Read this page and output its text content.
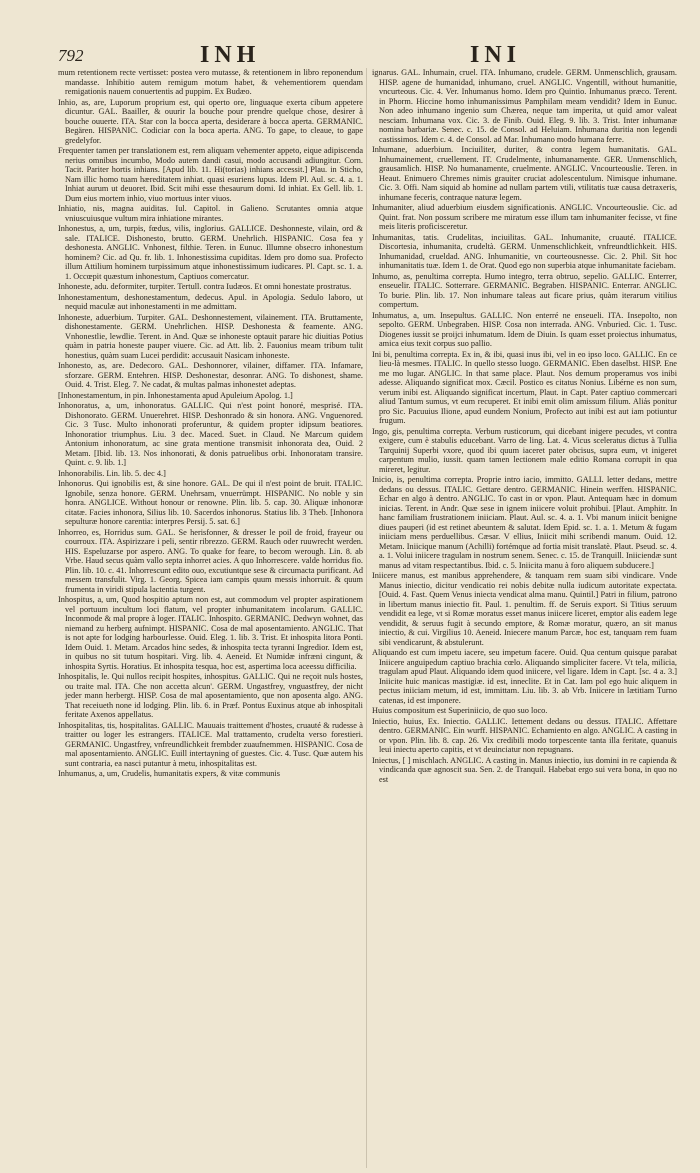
792	INH	INI

mum retentionem recte vertisset: postea vero mutasse, & retentionem in libro reponendum mandasse. Inhibitio autem remigum motum habet, & vehementiorem quendam remigationis nauem conuertentis ad puppim. Ex Budæo.

Inhio, as, are, Luporum proprium est, qui operto ore, linguaque exerta cibum appetere dicuntur. GAL. Baailler, & ouurir la bouche pour prendre quelque chose, desirer à bouche ouuerte. ITA. Star con la bocca aperta, desiderare à bocca aperta. GERMANIC. Begären. HISPANIC. Codiciar con la boca aperta. ANG. To gape, to cleaue, to gape gredelyfor.

Frequenter tamen per translationem est, rem aliquam vehementer appeto, eique adipiscenda nerius omnibus incumbo, Modo autem dandi casui, modo accusandi adiungitur. Corn. Tacit. Pariter hortis inhians. [Apud lib. 11. Hi(torias) inhians accessit.] Plau. in Sticho, Nam illic homo tuam hæreditatem inhiat. quasi esuriens lupus. Idem Pl. Aul. sc. 4. a. 1. Inhiat aurum ut deuoret. Ibid. Scit mihi esse thesaurum domi. Id inhiat. Ex Gell. lib. 1. Dum eius mortem inhio, viuo mortuus inter viuos.

Inhiatio, nis, magna auiditas. Iul. Capitol. in Galieno. Scrutantes omnia atque vniuscuiusque vultum mira inhiatione mirantes.

Inhonestus, a, um, turpis, fœdus, vilis, inglorius. GALLICE. Deshonneste, vilain, ord & sale. ITALICE. Dishonesto, brutto. GERM. Unehrlich. HISPANIC. Cosa fea y deshonesta. ANGLIC. Vnhonest, filthie. Teren. in Eunuc. Illumne obsecro inhonestum hominem? Cic. ad Qu. fr. lib. 1. Inhonestissima cupiditas. Idem pro domo sua. Profecto illum Attilium hominem turpissimum atque inhonestissimum iudicares. Pl. Capt. sc. 1. a. 1. Occœpit quæstum inhonestum, Captiuos comercatur.

Inhoneste, adu. deformiter, turpiter. Tertull. contra Iudæos. Et omni honestate prostratus.

Inhonestamentum, deshonestamentum, dedecus. Apul. in Apologia. Sedulo laboro, ut nequid maculæ aut inhonestamenti in me admittam.

Inhoneste, aduerbium. Turpiter. GAL. Deshonnestement, vilainement. ITA. Bruttamente, dishonestamente. GERM. Unehrlichen. HISP. Deshonesta & feamente. ANG. Vnhonestlie, lewdlie. Terent. in And. Quæ se inhoneste optauit parare hic diuitias Potius quàm in patria honeste pauper viuere. Cic. ad Att. lib. 2. Fauonius meam tribum tulit honestius, quàm suam Lucei perdidit: accusauit Nasicam inhoneste.

Inhonesto, as, are. Dedecoro. GAL. Deshonnorer, vilainer, diffamer. ITA. Infamare, sforzare. GERM. Entehren. HISP. Deshonestar, desonrar. ANG. To dishonest, shame. Ouid. 4. Trist. Eleg. 7. Ne cadat, & multas palmas inhonestet adeptas.

[Inhonestamentum, in pin. Inhonestamenta apud Apuleium Apolog. 1.]

Inhonoratus, a, um, inhonoratus. GALLIC. Qui n'est point honoré, mesprisé. ITA. Dishonorato. GERM. Unuerehret. HISP. Deshonrado & sin honora. ANG. Vnguenored. Cic. 3 Tusc. Multo inhonorati proferuntur, & quidem propter idipsum beatiores. Inhonoratior triumphus. Liu. 3 dec. Maced. Suet. in Claud. Ne Marcum quidem Antonium inhonoratum, ac sine grata mentione transmisit inhonorata dea, Ouid. 2 Metam. [Ibid. lib. 13. Nos inhonorati, & donis patruelibus orbi. Inhonoratam transire. Quint. c. 9. lib. 1.]

Inhonorabilis. Lin. lib. 5. dec 4.]

Inhonorus. Qui ignobilis est, & sine honore. GAL. De qui il n'est point de bruit. ITALIC. Ignobile, senza honore. GERM. Unehrsam, vnuerrümpt. HISPANIC. No noble y sin honra. ANGLICE. Without honour or renowne. Plin. lib. 5. cap. 30. Aliquæ inhonoræ citatæ. Facies inhonora, Silius lib. 10. Sacerdos inhonorus. Statius lib. 3 Theb. [Inhonora sepulturæ honore carentia: interpres Persij. 5. sat. 6.]

Inhorreo, es, Horridus sum. GAL. Se herisfonner, & dresser le poil de froid, frayeur ou courroux. ITA. Aspirizzare i peli, sentir ribrezzo. GERM. Rauch oder ruuwrecht werden. HIS. Espeluzarse por aspero. ANG. To quake for feare, to becom werough. Lin. 8. ab Vrbe. Haud secus quàm vallo septa inhorret acies. A quo Inhorrescere. valde horridus fio. Plin. lib. 10. c. 41. Inhorrescunt edito ouo, excutiuntque sese & circumacta purificant. Ad messem transfulit. Virg. 1. Georg. Spicea iam campis quum messis inhorruit. & quum frumenta in viridi stipula lactentia turgent.

Inhospitus, a, um, Quod hospitio aptum non est, aut commodum vel propter aspirationem vel portuum incultum loci flatum, vel propter inhumanitatem incolarum. GALLIC. Inconmode & mal propre à loger. ITALIC. Inhospito. GERMANIC. Dedwyn wohnet, das niemand zu herberg aufnimpt. HISPANIC. Cosa de mal aposentamiento. ANGLIC. That is not apte for lodging harbourlesse. Ouid. Eleg. 1. lib. 3. Trist. Et inhospita litora Ponti. Idem Ouid. 1. Metam. Arcados hinc sedes, & inhospita tecta tyranni Ingredior. Idem est, in quibus no sit tutum hospitari. Virg. lib. 4. Aeneid. Et Numidæ infræni cingunt, & inhospita Syrtis. Horatius. Et inhospita tesqua, hoc est, aspertima loca aceessu difficilia.

Inhospitalis, le. Qui nullos recipit hospites, inhospitus. GALLIC. Qui ne reçoit nuls hostes, ou traite mal. ITA. Che non accetta alcun'. GERM. Ungastfrey, vnguastfrey, der nicht jeder mann herbergt. HISP. Cosa de mal aposentamiento, que non aposenta algo. ANG. That receiueth none id lodging. Plin. lib. 6. in Præf. Pontus Euxinus atque ab inhospitali feritate Axenos appellatus.

Inhospitalitas, tis, hospitalitas. GALLIC. Mauuais traittement d'hostes, cruauté & rudesse à traitter ou loger les estrangers. ITALICE. Mal trattamento, crudelta verso forestieri. GERMANIC. Ungastfrey, vnfreundlichkeit frembder zuaufnemmen. HISPANIC. Cosa de mal aposentamiento. ANGLIC. Euill intertayning of guestes. Cic. 4. Tusc. Quæ autem his sunt contraria, ea nasci putantur à metu, inhospitalitas est.

Inhumanus, a, um, Crudelis, humanitatis expers, & vitæ communis

ignarus. GAL. Inhumain, cruel. ITA. Inhumano, crudele. GERM. Unmenschlich, grausam. HISP. agene de humanidad, inhumano, cruel. ANGLIC. Vngentill, without humanitie, vncurteous. Cic. 4. Ver. Inhumanus homo. Idem pro Quintio. Inhumanus præco. Terent. in Phorm. Hiccine homo inhumanissimus Pamphilam meam vendidit? Idem in Eunuc. Non adeo inhumano ingenio sum Chærea, neque tam imperita, ut quid amor valeat nesciam. Inhumana vox. Cic. 3. de Finib. Ouid. Eleg. 9. lib. 3. Trist. Inter inhumanæ nomina barbariæ. Senec. c. 15. de Consol. ad Heluiam. Inhumana duritia non legendi castissimos. Idem c. 4. de Consol. ad Mar. Inhumano modo humana ferre.

Inhumane, aduerbium. Inciuiliter, duriter, & contra legem humanitatis. GAL. Inhumainement, cruellement. IT. Crudelmente, inhumanamente. GER. Unmenschlich, grausamlich. HISP. No humanamente, cruelmente. ANGLIC. Vncourteouslie. Teren. in Heaut. Enimuero Chremes nimis grauiter cruciat adolescentulum. Nimisque inhumane. Cic. 3. Offi. Nam siquid ab homine ad nullam partem vtili, vtilitatis tuæ causa detraxeris, inhumane feceris, contraque naturæ legem.

Inhumaniter, aliud aduerbium eiusdem significationis. ANGLIC. Vncourteouslie. Cic. ad Quint. frat. Non possum scribere me miratum esse illum tam inhumaniter fecisse, vt fine meis literis proficisceretur.

Inhumanitas, tatis. Crudelitas, inciuilitas. GAL. Inhumanite, cruauté. ITALICE. Discortesia, inhumanita, crudeltà. GERM. Unmenschlichkeit, vnfreundtlichkeit. HIS. Inhumanidad, crueldad. ANG. Inhumanitie, vn courteousnesse. Cic. 2. Phil. Sit hoc inhumanitatis tuæ. Idem 1. de Orat. Quod ego non superbia atque inhumanitate faciebam.

Inhumo, as, penultima correpta. Humo integro, terra obtruo, sepelio. GALLIC. Enterrer, enseuelir. ITALIC. Sotterrare. GERMANIC. Begraben. HISPANIC. Enterrar. ANGLIC. To burie. Plin. lib. 17. Non inhumare taleas aut ficare prius, quàm iterarum vitilius compertum.

Inhumatus, a, um. Insepultus. GALLIC. Non enterré ne enseueli. ITA. Insepolto, non sepolto. GERM. Unbegraben. HISP. Cosa non interrada. ANG. Vnburied. Cic. 1. Tusc. Diogenes iussit se proijci inhumatum. Idem de Diuin. Is quam esset proiectus inhumatus, amica eius texit corpus suo pallio.

Ini bi, penultima correpta. Ex in, & ibi, quasi inus ibi, vel in eo ipso loco. GALLIC. En ce lieu-là mesmes. ITALIC. In quello stesso luogo. GERMANIC. Eben daselbst. HISP. Ene me mo lugar. ANGLIC. In that same place. Plaut. Nos demum properamus vos inibi adesse. Aliquando significat mox. Cæcil. Postico es citatus Nonius. Libérne es non sum, verum inibi est. Aliquando significat incertum, Plaut. in Capt. Pater captiuo commercari aliud Tantum sumus, vt eum recuperet. Et inibi emit olim amissum filium. Aliás ponitur pro Sic. Pacuuius Ilione, apud eundem Nonium, Profecto aut inibi est aut iam potiuntur frugum.

Ingo, gis, penultima correpta. Verbum rusticorum, qui dicebant inigere pecudes, vt contra exigere, cum è stabulis educebant. Varro de ling. Lat. 4. Vicus sceleratus dictus à Tullia Tarquinij Superbi vxore, quod ibi quum iaceret pater obcisus, supra eum, vt inigeret carpentum mulio, iussit. quam tamen lectionem male editio Romana corrupit in qua mireret, legitur.

Inicio, is, penultima correpta. Proprie intro iacio, immitto. GALLI. letter dedans, mettre dedans ou dessus. ITALIC. Gettare dentro. GERMANIC. Hinein werffen. HISPANIC. Echar en algo à dentro. ANGLIC. To cast in or vpon. Plaut. Antequam hæc in domum inicias. Terent. in Andr. Quæ sese in ignem iniicere voluit prohibui. [Plaut. Amphitr. In hanc familiam frustrationem iniiciam. Plaut. Aul. sc. 4. a. 1. Vbi manum iniicit benigne diues pauperi (id est retinet abeuntem & salutat. Idem Epid. sc. 1. a. 1. Metum & fugam iniiciam mens perduellibus. Cæsar. V ellius, Iniicit mihi scribendi manum. Ouid. 12. Metam. Iniicique manum (Achilli) fortémque ad fortia misit translatè. Plaut. Pseud. sc. 4. a. 1. Volui iniicere tragulam in nostrum senem. Senec. c. 15. de Tranquill. Iniiciendæ sunt manus ad vitam respectantibus. Ibid. c. 5. Iniicita manu à foro aliquem subducere.]

Iniicere manus, est manibus apprehendere, & tanquam rem suam sibi vindicare. Vnde Manus iniectio, dicitur vendicatio rei nobis debitæ nulla iudicum autoritate expectata. [Ouid. 4. Fast. Quem Venus iniecta vendicat alma manu. Quintil.] Patri in filium, patrono in libertum manus iniectio fit. Paul. 1. penultim. ff. de Seruis export. Si Titius seruum vendidit ea lege, vt si Romæ moratus esset manus iniicere liceret, emptor alis eadem lege vendidit, & seruus fugit à secundo emptore, & Romæ moratur, quæro, an sit manus iniectio, & cui. Virgilius 10. Aeneid. Iniecere manum Parcæ, hoc est, tanquam rem fuam sibi vendicarunt, & abstulerunt.

Aliquando est cum impetu iacere, seu impetum facere. Ouid. Qua centum quisque parabat Iniicere anguipedum captiuo brachia cœlo. Aliquando simpliciter facere. Vt tela, milicia, tragulam apud Plaut. Aliquando idem quod iniicere, vel ligare. Idem in Capt. [sc. 4 a. 3.] Iniicite huic manicas mastigiæ. id est, inneclite. Et in Cat. Iam pol ego huic aliquem in pectus iniiciam metum, id est, immittam. Liu. lib. 3. ab Vrb. Iniicere in lætitiam Turno catenas, id est imponere.

Huius compositum est Superiniicio, de quo suo loco.

Iniectio, huius, Ex. Iniectio. GALLIC. Iettement dedans ou dessus. ITALIC. Affettare dentro. GERMANIC. Ein wurff. HISPANIC. Echamiento en algo. ANGLIC. A casting in or vpon. Plin. lib. 8. cap. 26. Vix credibili modo torpescente tanta illa feritate, quanuis leui iniectu aperto capitis, et vt deuinciatur non repugnans.

Iniectus, [ ] mischlach. ANGLIC. A casting in. Manus iniectio, ius domini in re capienda & vindicanda quæ agnoscit sua. Sen. 2. de Tranquil. Habebat ergo sui vera bona, in quo no est
